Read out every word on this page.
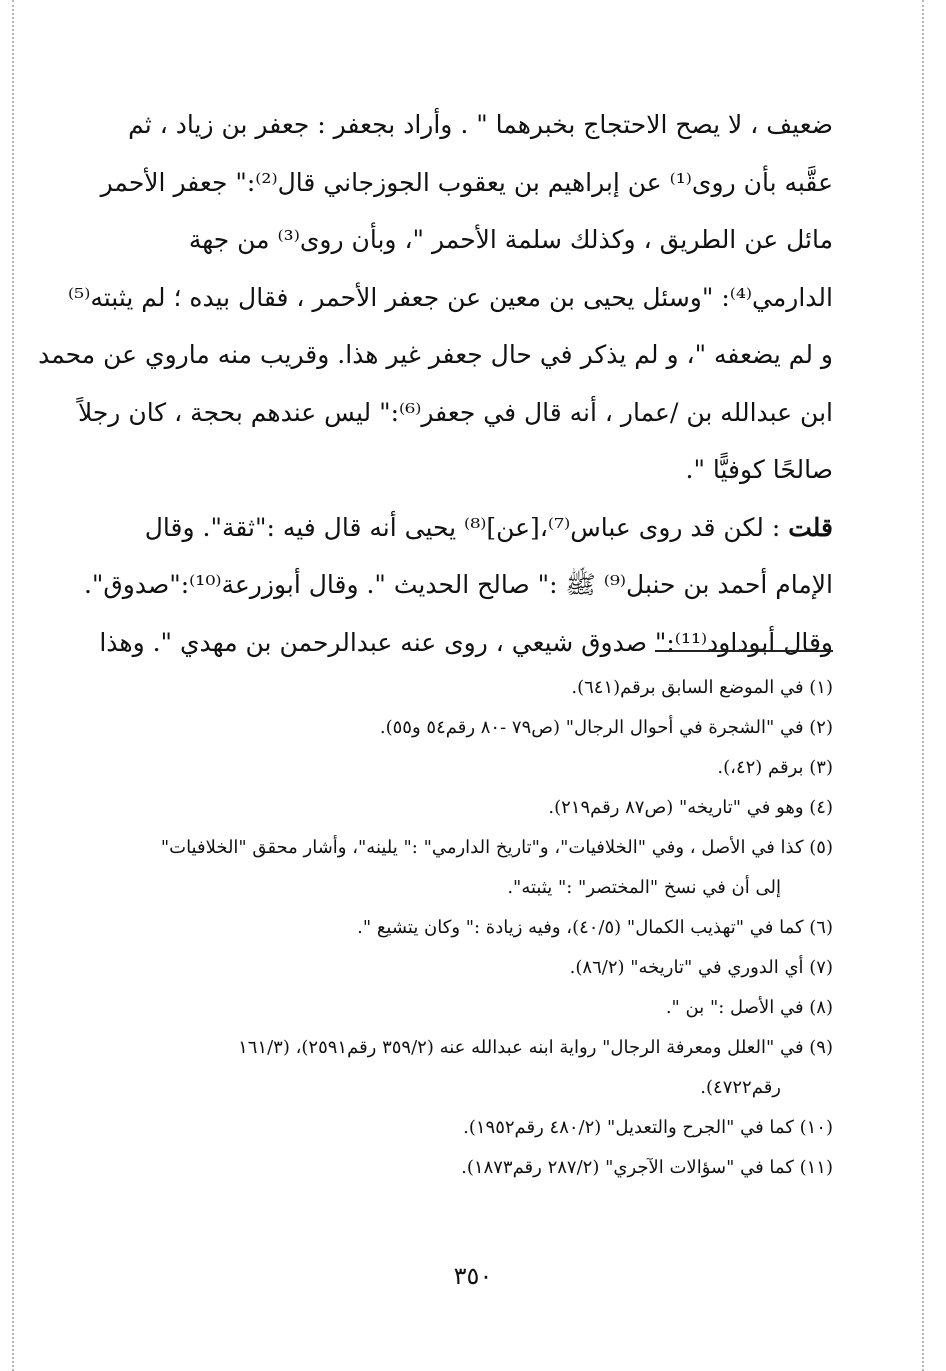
ضعيف ، لا يصح الاحتجاج بخبرهما " . وأراد بجعفر : جعفر بن زياد ، ثم
عقَّبه بأن روى⁽¹⁾ عن إبراهيم بن يعقوب الجوزجاني قال⁽²⁾:" جعفر الأحمر
مائل عن الطريق ، وكذلك سلمة الأحمر "، وبأن روى⁽³⁾ من جهة
الدارمي⁽⁴⁾: "وسئل يحيى بن معين عن جعفر الأحمر ، فقال بيده ؛ لم يثبته⁽⁵⁾
و لم يضعفه "، و لم يذكر في حال جعفر غير هذا. وقريب منه ماروي عن محمد
ابن عبدالله بن /عمار ، أنه قال في جعفر⁽⁶⁾:" ليس عندهم بحجة ، كان رجلاً
صالحًا كوفيًّا ".
قلت : لكن قد روى عباس⁽⁷⁾،[عن]⁽⁸⁾ يحيى أنه قال فيه :"ثقة". وقال
الإمام أحمد بن حنبل⁽⁹⁾ ﷺ :" صالح الحديث ". وقال أبوزرعة⁽¹⁰⁾:"صدوق".
وقال أبوداود⁽¹¹⁾:" صدوق شيعي ، روى عنه عبدالرحمن بن مهدي ". وهذا
(١) في الموضع السابق برقم(٦٤١).
(٢) في "الشجرة في أحوال الرجال" (ص٧٩ -٨٠ رقم٥٤ و٥٥).
(٣) برقم (٤٢،).
(٤) وهو في "تاريخه" (ص٨٧ رقم٢١٩).
(٥) كذا في الأصل ، وفي "الخلافيات"، و"تاريخ الدارمي" :" يلينه"، وأشار محقق "الخلافيات"
إلى أن في نسخ "المختصر" :" يثبته".
(٦) كما في "تهذيب الكمال" (٤٠/٥)، وفيه زيادة :" وكان يتشيع ".
(٧) أي الدوري في "تاريخه" (٨٦/٢).
(٨) في الأصل :" بن ".
(٩) في "العلل ومعرفة الرجال" رواية ابنه عبدالله عنه (٣٥٩/٢ رقم٢٥٩١)، (١٦١/٣
رقم٤٧٢٢).
(١٠) كما في "الجرح والتعديل" (٤٨٠/٢ رقم١٩٥٢).
(١١) كما في "سؤالات الآجري" (٢٨٧/٢ رقم١٨٧٣).
٣٥٠
